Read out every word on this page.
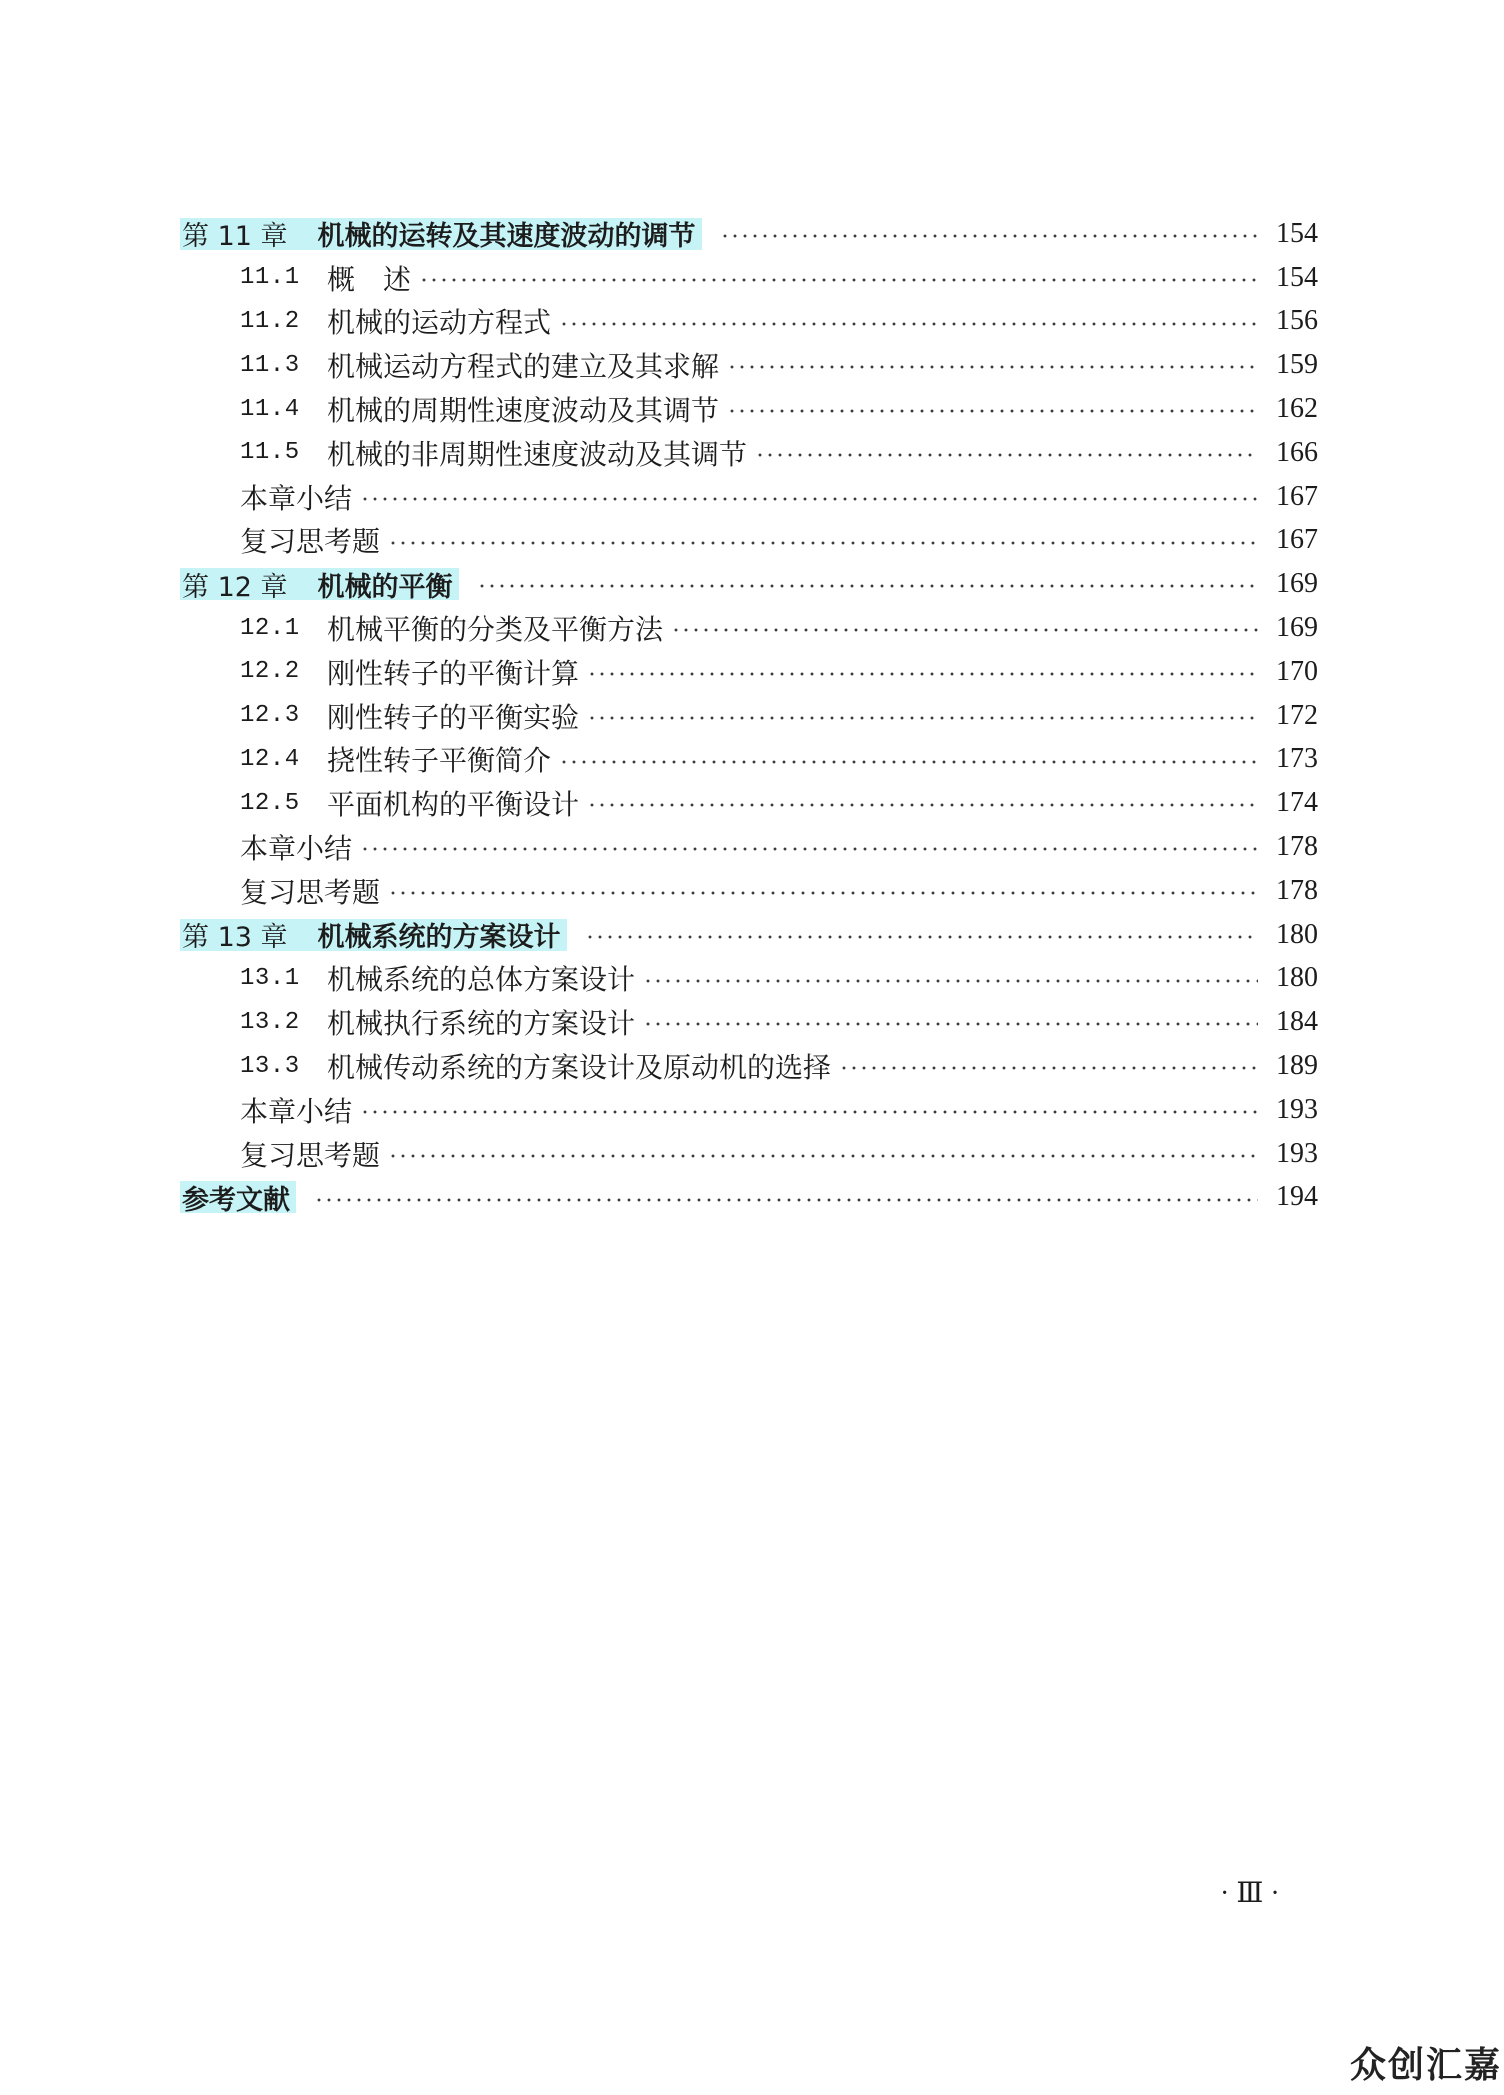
第 11 章 机械的运转及其速度波动的调节	154
11.1 概　述	154
11.2 机械的运动方程式	156
11.3 机械运动方程式的建立及其求解	159
11.4 机械的周期性速度波动及其调节	162
11.5 机械的非周期性速度波动及其调节	166
本章小结	167
复习思考题	167
第 12 章 机械的平衡	169
12.1 机械平衡的分类及平衡方法	169
12.2 刚性转子的平衡计算	170
12.3 刚性转子的平衡实验	172
12.4 挠性转子平衡简介	173
12.5 平面机构的平衡设计	174
本章小结	178
复习思考题	178
第 13 章 机械系统的方案设计	180
13.1 机械系统的总体方案设计	180
13.2 机械执行系统的方案设计	184
13.3 机械传动系统的方案设计及原动机的选择	189
本章小结	193
复习思考题	193
参考文献	194
· Ⅲ ·
众创汇嘉
